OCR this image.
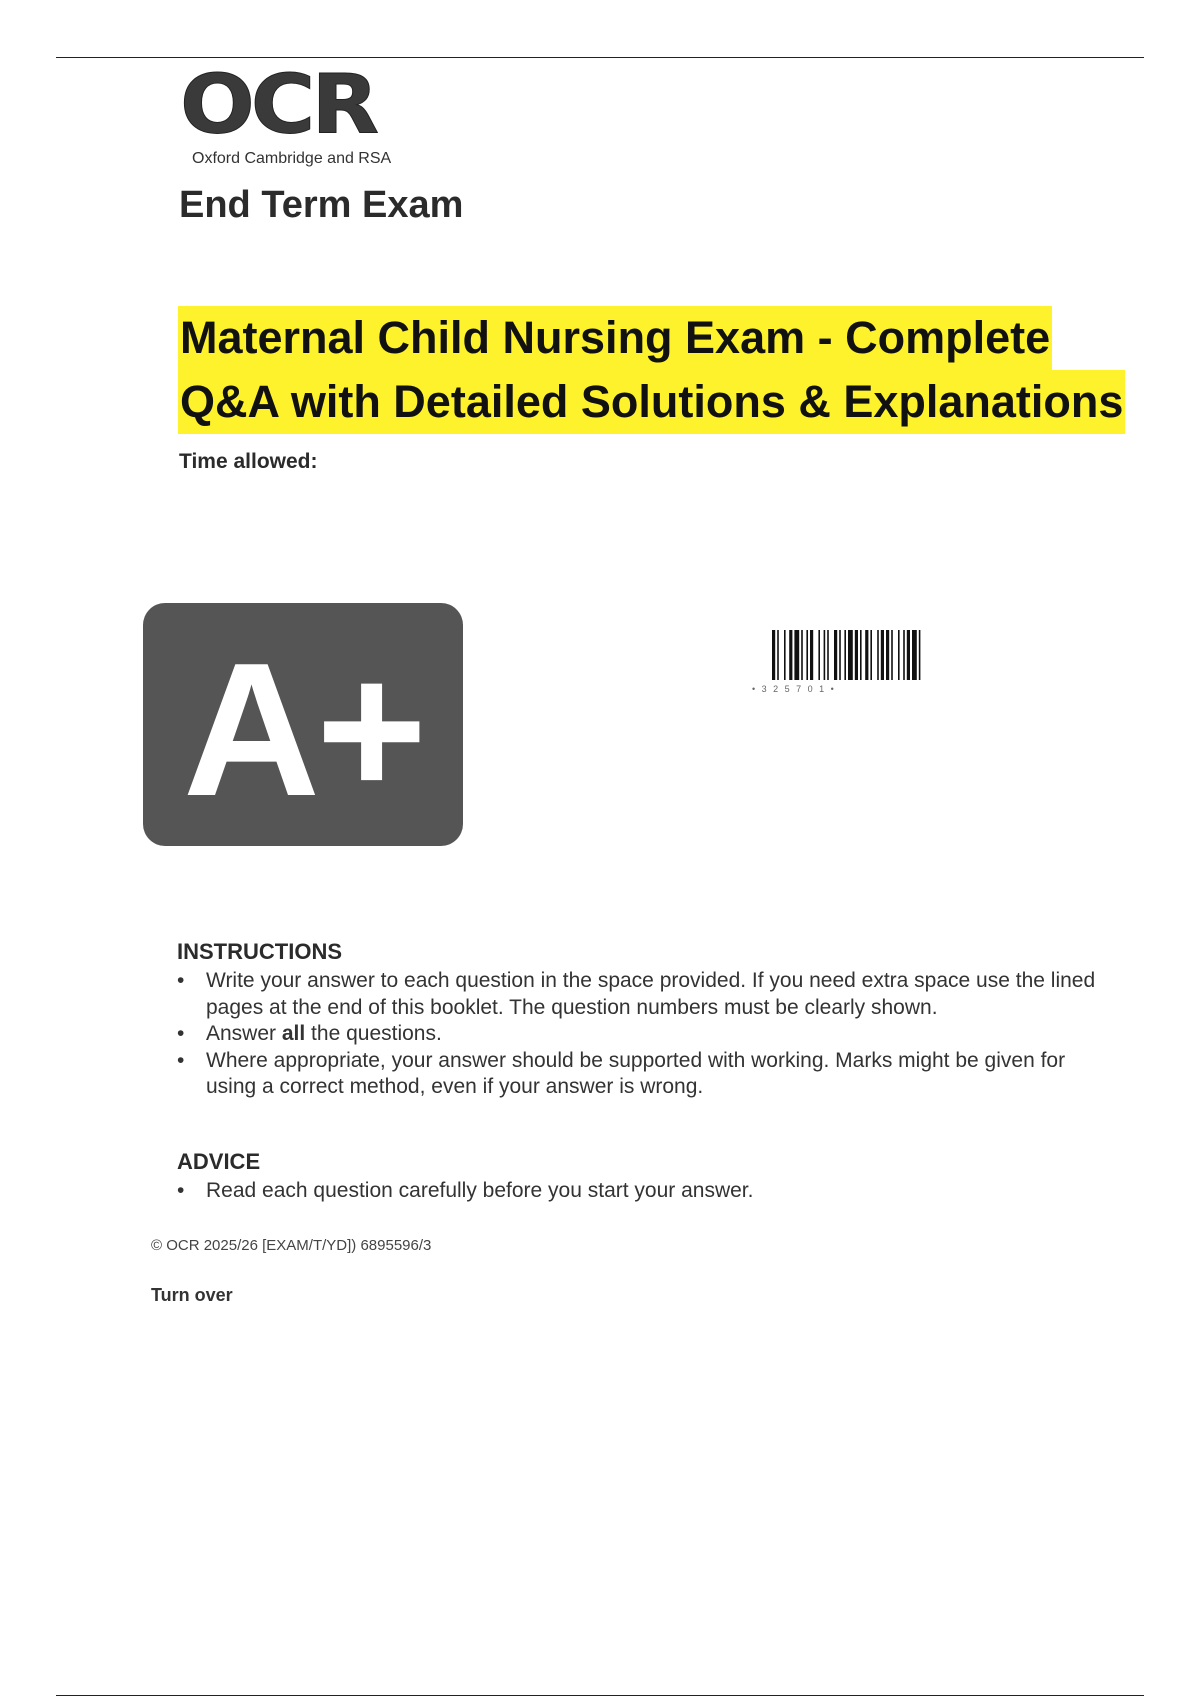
OCR
Oxford Cambridge and RSA
End Term Exam
Maternal Child Nursing Exam - Complete
Q&A with Detailed Solutions & Explanations
Time allowed:
A+	• 3 2 5 7 0 1 •
INSTRUCTIONS
• Write your answer to each question in the space provided. If you need extra space use the lined pages at the end of this booklet. The question numbers must be clearly shown.
• Answer all the questions.
• Where appropriate, your answer should be supported with working. Marks might be given for using a correct method, even if your answer is wrong.
ADVICE
• Read each question carefully before you start your answer.
© OCR 2025/26 [EXAM/T/YD]) 6895596/3
Turn over
